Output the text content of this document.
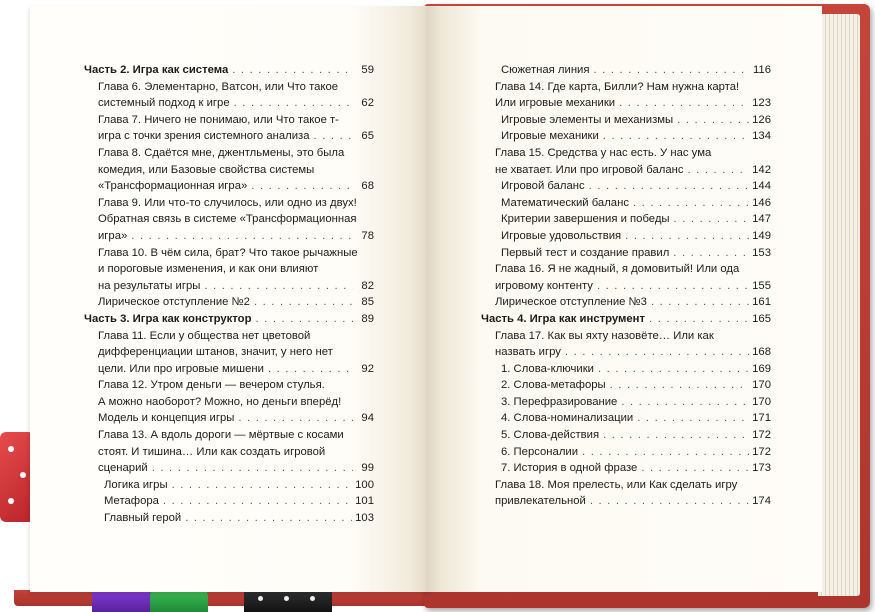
Часть 2. Игра как система . . .	59
Глава 6. Элементарно, Ватсон, или Что такое
системный подход к игре . . .	62
Глава 7. Ничего не понимаю, или Что такое т-
игра с точки зрения системного анализа . . .	65
Глава 8. Сдаётся мне, джентльмены, это была
комедия, или Базовые свойства системы
«Трансформационная игра» . . .	68
Глава 9. Или что-то случилось, или одно из двух!
Обратная связь в системе «Трансформационная
игра» . . .	78
Глава 10. В чём сила, брат? Что такое рычажные
и пороговые изменения, и как они влияют
на результаты игры . . .	82
Лирическое отступление №2 . . .	85
Часть 3. Игра как конструктор . . .	89
Глава 11. Если у общества нет цветовой
дифференциации штанов, значит, у него нет
цели. Или про игровые мишени . . .	92
Глава 12. Утром деньги — вечером стулья.
А можно наоборот? Можно, но деньги вперёд!
Модель и концепция игры . . .	94
Глава 13. А вдоль дороги — мёртвые с косами
стоят. И тишина… Или как создать игровой
сценарий . . .	99
Логика игры . . .	100
Метафора . . .	101
Главный герой . . .	103
Сюжетная линия . . .	116
Глава 14. Где карта, Билли? Нам нужна карта!
Или игровые механики . . .	123
Игровые элементы и механизмы . . .	126
Игровые механики . . .	134
Глава 15. Средства у нас есть. У нас ума
не хватает. Или про игровой баланс . . .	142
Игровой баланс . . .	144
Математический баланс . . .	146
Критерии завершения и победы . . .	147
Игровые удовольствия . . .	149
Первый тест и создание правил . . .	153
Глава 16. Я не жадный, я домовитый! Или ода
игровому контенту . . .	155
Лирическое отступление №3 . . .	161
Часть 4. Игра как инструмент . . .	165
Глава 17. Как вы яхту назовёте… Или как
назвать игру . . .	168
1. Слова-ключики . . .	169
2. Слова-метафоры . . .	170
3. Перефразирование . . .	170
4. Слова-номинализации . . .	171
5. Слова-действия . . .	172
6. Персоналии . . .	172
7. История в одной фразе . . .	173
Глава 18. Моя прелесть, или Как сделать игру
привлекательной . . .	174
